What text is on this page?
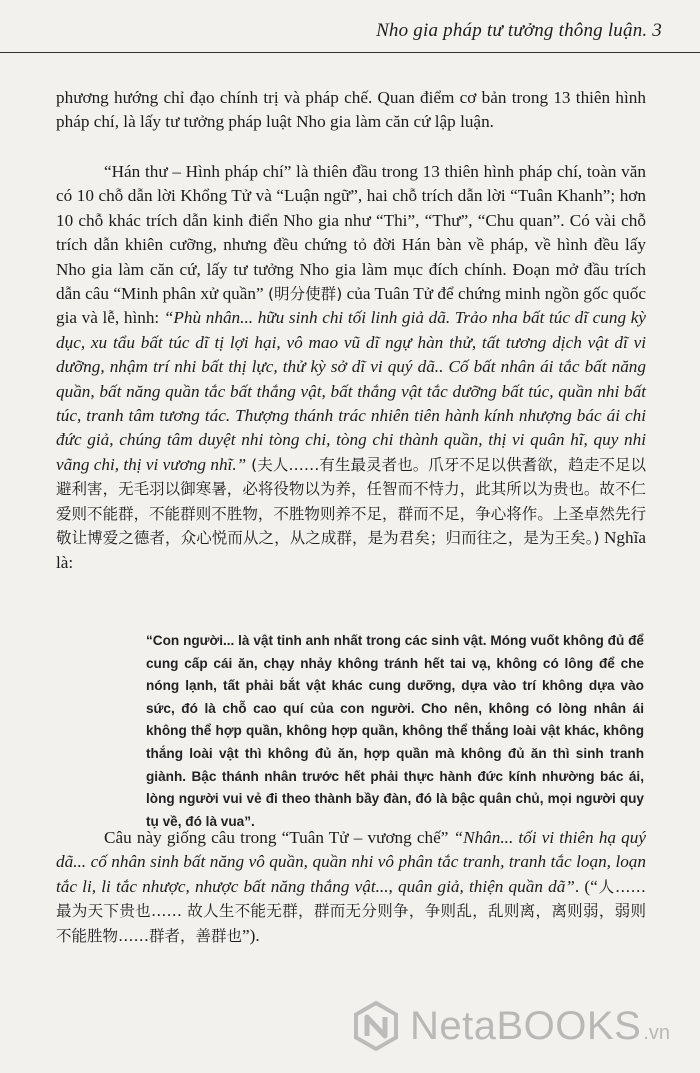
Nho gia pháp tư tưởng thông luận. 3

phương hướng chỉ đạo chính trị và pháp chế. Quan điểm cơ bản trong 13 thiên hình pháp chí, là lấy tư tưởng pháp luật Nho gia làm căn cứ lập luận.

“Hán thư – Hình pháp chí” là thiên đầu trong 13 thiên hình pháp chí, toàn văn có 10 chỗ dẫn lời Khổng Tử và “Luận ngữ”, hai chỗ trích dẫn lời “Tuân Khanh”; hơn 10 chỗ khác trích dẫn kinh điển Nho gia như “Thi”, “Thư”, “Chu quan”. Có vài chỗ trích dẫn khiên cưỡng, nhưng đều chứng tỏ đời Hán bàn về pháp, về hình đều lấy Nho gia làm căn cứ, lấy tư tưởng Nho gia làm mục đích chính. Đoạn mở đầu trích dẫn câu “Minh phân xử quần” (明分使群) của Tuân Tử để chứng minh ngồn gốc quốc gia và lễ, hình: “Phù nhân... hữu sinh chi tối linh giả dã. Trảo nha bất túc dĩ cung kỳ dục, xu tẩu bất túc dĩ tị lợi hại, vô mao vũ dĩ ngự hàn thử, tất tương dịch vật dĩ vi dưỡng, nhậm trí nhi bất thị lực, thử kỳ sở dĩ vi quý dã.. Cố bất nhân ái tắc bất năng quần, bất năng quần tắc bất thắng vật, bất thắng vật tắc dưỡng bất túc, quần nhi bất túc, tranh tâm tương tác. Thượng thánh trác nhiên tiên hành kính nhượng bác ái chi đức giả, chúng tâm duyệt nhi tòng chi, tòng chi thành quần, thị vi quân hĩ, quy nhi vãng chi, thị vi vương nhĩ.” (夫人……有生最灵者也。爪牙不足以供耆欲，趋走不足以避利害，无毛羽以御寒暑，必将役物以为养，任智而不恃力，此其所以为贵也。故不仁爱则不能群，不能群则不胜物，不胜物则养不足，群而不足，争心将作。上圣卓然先行敬让博爱之德者，众心悦而从之，从之成群，是为君矣；归而往之，是为王矣。) Nghĩa là:

“Con người... là vật tinh anh nhất trong các sinh vật. Móng vuốt không đủ để cung cấp cái ăn, chạy nhảy không tránh hết tai vạ, không có lông để che nóng lạnh, tất phải bắt vật khác cung dưỡng, dựa vào trí không dựa vào sức, đó là chỗ cao quí của con người. Cho nên, không có lòng nhân ái không thể hợp quần, không hợp quần, không thể thắng loài vật khác, không thắng loài vật thì không đủ ăn, hợp quần mà không đủ ăn thì sinh tranh giành. Bậc thánh nhân trước hết phải thực hành đức kính nhường bác ái, lòng người vui vẻ đi theo thành bầy đàn, đó là bậc quân chủ, mọi người quy tụ về, đó là vua”.

Câu này giống câu trong “Tuân Tử – vương chế” “Nhân... tối vi thiên hạ quý dã... cố nhân sinh bất năng vô quần, quần nhi vô phân tắc tranh, tranh tắc loạn, loạn tắc li, li tắc nhược, nhược bất năng thắng vật..., quân giả, thiện quần dã”. (“人…… 最为天下贵也…… 故人生不能无群，群而无分则争，争则乱，乱则离，离则弱，弱则不能胜物……群者，善群也”).

NetaBOOKS .vn
